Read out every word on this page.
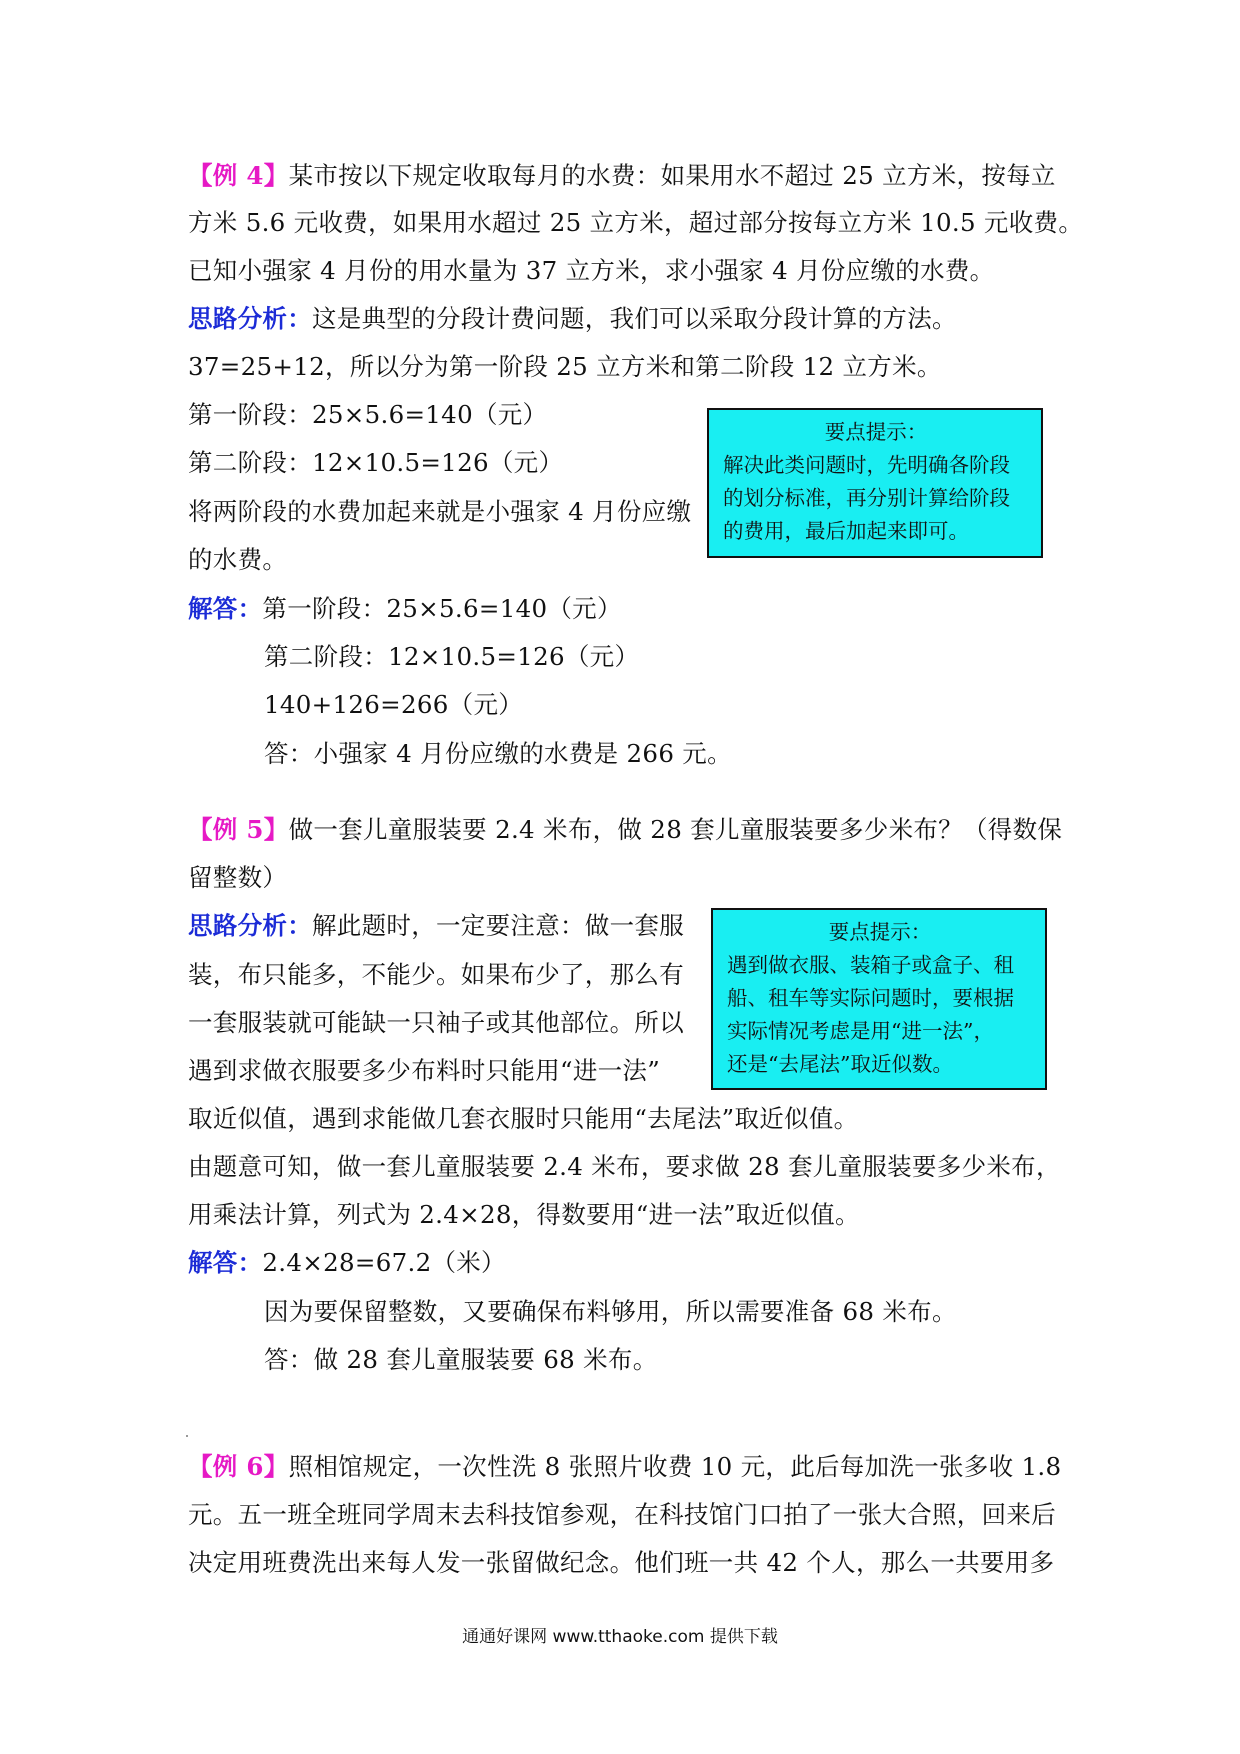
【例 4】某市按以下规定收取每月的水费：如果用水不超过 25 立方米，按每立
方米 5.6 元收费，如果用水超过 25 立方米，超过部分按每立方米 10.5 元收费。
已知小强家 4 月份的用水量为 37 立方米，求小强家 4 月份应缴的水费。
思路分析：这是典型的分段计费问题，我们可以采取分段计算的方法。
37=25+12，所以分为第一阶段 25 立方米和第二阶段 12 立方米。
第一阶段：25×5.6=140（元）
第二阶段：12×10.5=126（元）
将两阶段的水费加起来就是小强家 4 月份应缴
的水费。
解答：第一阶段：25×5.6=140（元）
第二阶段：12×10.5=126（元）
140+126=266（元）
答：小强家 4 月份应缴的水费是 266 元。
要点提示：
解决此类问题时，先明确各阶段
的划分标准，再分别计算给阶段
的费用，最后加起来即可。
【例 5】做一套儿童服装要 2.4 米布，做 28 套儿童服装要多少米布？（得数保
留整数）
思路分析：解此题时，一定要注意：做一套服
装，布只能多，不能少。如果布少了，那么有
一套服装就可能缺一只袖子或其他部位。所以
遇到求做衣服要多少布料时只能用“进一法”
取近似值，遇到求能做几套衣服时只能用“去尾法”取近似值。
由题意可知，做一套儿童服装要 2.4 米布，要求做 28 套儿童服装要多少米布，
用乘法计算，列式为 2.4×28，得数要用“进一法”取近似值。
解答：2.4×28=67.2（米）
因为要保留整数，又要确保布料够用，所以需要准备 68 米布。
答：做 28 套儿童服装要 68 米布。
要点提示：
遇到做衣服、装箱子或盒子、租
船、租车等实际问题时，要根据
实际情况考虑是用“进一法”，
还是“去尾法”取近似数。
【例 6】照相馆规定，一次性洗 8 张照片收费 10 元，此后每加洗一张多收 1.8
元。五一班全班同学周末去科技馆参观，在科技馆门口拍了一张大合照，回来后
决定用班费洗出来每人发一张留做纪念。他们班一共 42 个人，那么一共要用多
通通好课网 www.tthaoke.com 提供下载
